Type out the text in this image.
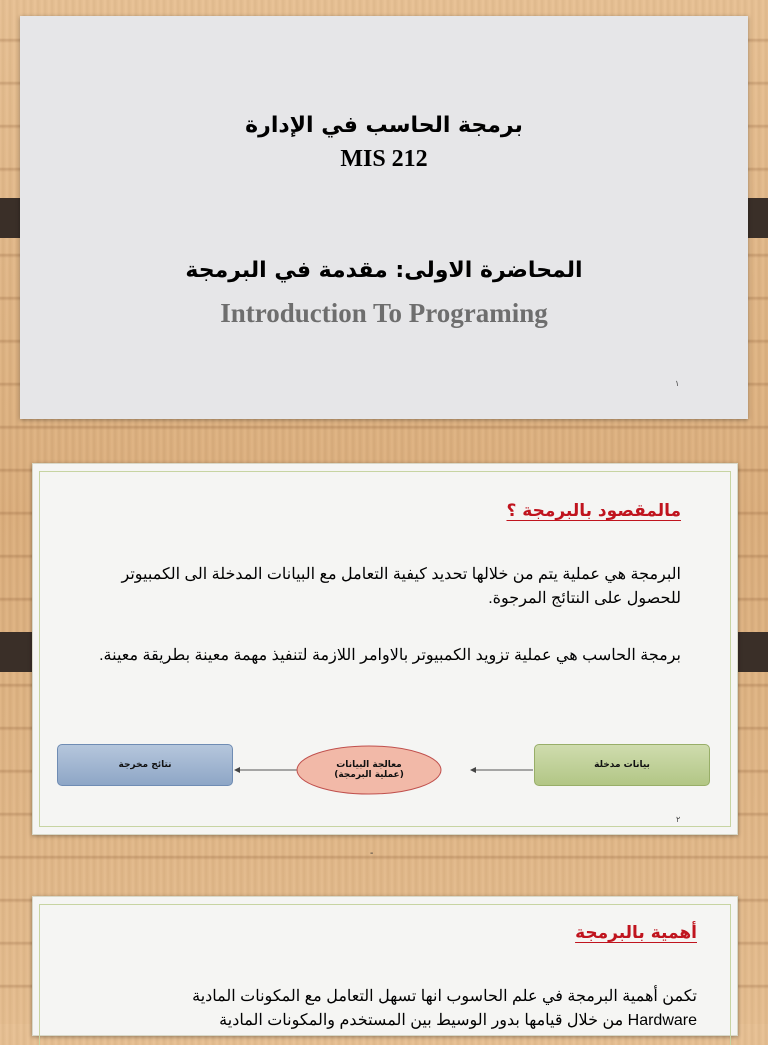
برمجة الحاسب في الإدارة
MIS 212
المحاضرة الاولى: مقدمة في البرمجة
Introduction To Programing
١
مالمقصود بالبرمجة ؟
البرمجة هي عملية يتم من خلالها تحديد كيفية التعامل مع البيانات المدخلة الى الكمبيوتر للحصول على النتائج المرجوة.
برمجة الحاسب هي عملية تزويد الكمبيوتر بالاوامر اللازمة لتنفيذ مهمة معينة بطريقة معينة.
بيانات مدخلة
معالجة البيانات
(عملية البرمجة)
نتائج مخرجة
٢
-
أهمية بالبرمجة
تكمن أهمية البرمجة في علم الحاسوب انها تسهل التعامل مع المكونات المادية
Hardware من خلال قيامها بدور الوسيط بين المستخدم والمكونات المادية
